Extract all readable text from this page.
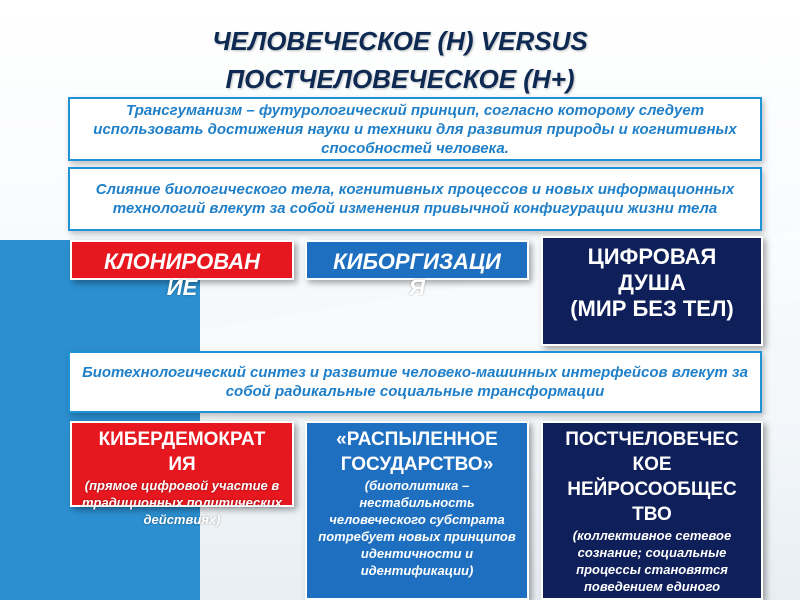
ЧЕЛОВЕЧЕСКОЕ (H) VERSUS
ПОСТЧЕЛОВЕЧЕСКОЕ (H+)
Трансгуманизм – футурологический принцип, согласно которому следует использовать достижения науки и техники для развития природы и когнитивных способностей человека.
Слияние биологического тела, когнитивных процессов и новых информационных технологий влекут за собой изменения привычной конфигурации жизни тела
КЛОНИРОВАН
ИЕ
КИБОРГИЗАЦИ
Я
ЦИФРОВАЯ
ДУША
(МИР БЕЗ ТЕЛ)
Биотехнологический синтез и развитие человеко-машинных интерфейсов влекут за собой радикальные социальные трансформации
КИБЕРДЕМОКРАТ
ИЯ
(прямое цифровой участие в традиционных политических действиях)
«РАСПЫЛЕННОЕ
ГОСУДАРСТВО»
(биополитика – нестабильность человеческого субстрата потребует новых принципов идентичности и идентификации)
ПОСТЧЕЛОВЕЧЕС
КОЕ
НЕЙРОСООБЩЕС
ТВО
(коллективное сетевое сознание; социальные процессы становятся поведением единого
